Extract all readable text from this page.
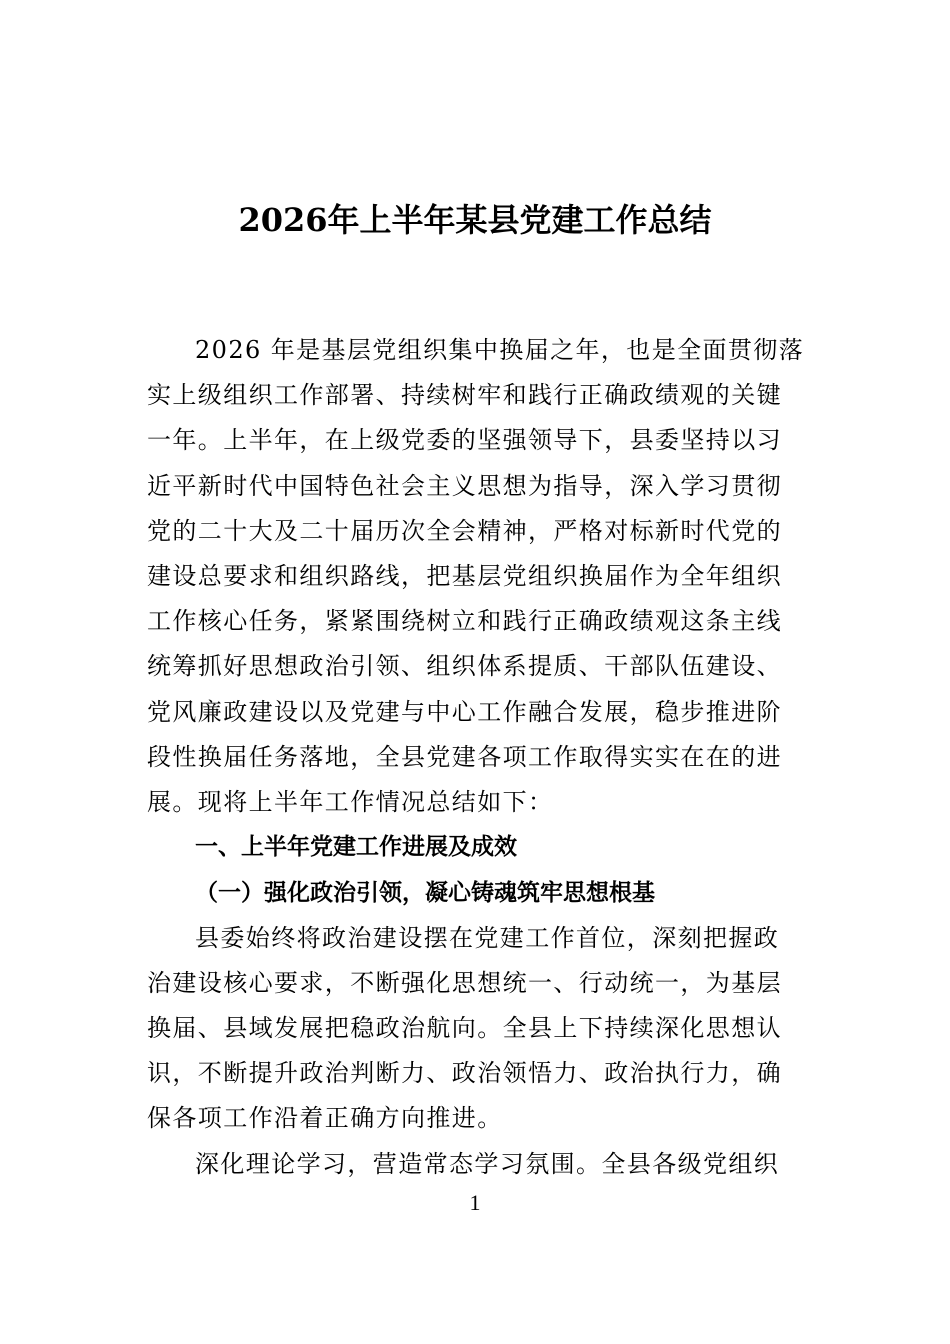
2026年上半年某县党建工作总结

2026 年是基层党组织集中换届之年，也是全面贯彻落
实上级组织工作部署、持续树牢和践行正确政绩观的关键
一年。上半年，在上级党委的坚强领导下，县委坚持以习
近平新时代中国特色社会主义思想为指导，深入学习贯彻
党的二十大及二十届历次全会精神，严格对标新时代党的
建设总要求和组织路线，把基层党组织换届作为全年组织
工作核心任务，紧紧围绕树立和践行正确政绩观这条主线
统筹抓好思想政治引领、组织体系提质、干部队伍建设、
党风廉政建设以及党建与中心工作融合发展，稳步推进阶
段性换届任务落地，全县党建各项工作取得实实在在的进
展。现将上半年工作情况总结如下：

一、上半年党建工作进展及成效

（一）强化政治引领，凝心铸魂筑牢思想根基

县委始终将政治建设摆在党建工作首位，深刻把握政
治建设核心要求，不断强化思想统一、行动统一，为基层
换届、县域发展把稳政治航向。全县上下持续深化思想认
识，不断提升政治判断力、政治领悟力、政治执行力，确
保各项工作沿着正确方向推进。

深化理论学习，营造常态学习氛围。全县各级党组织

1
